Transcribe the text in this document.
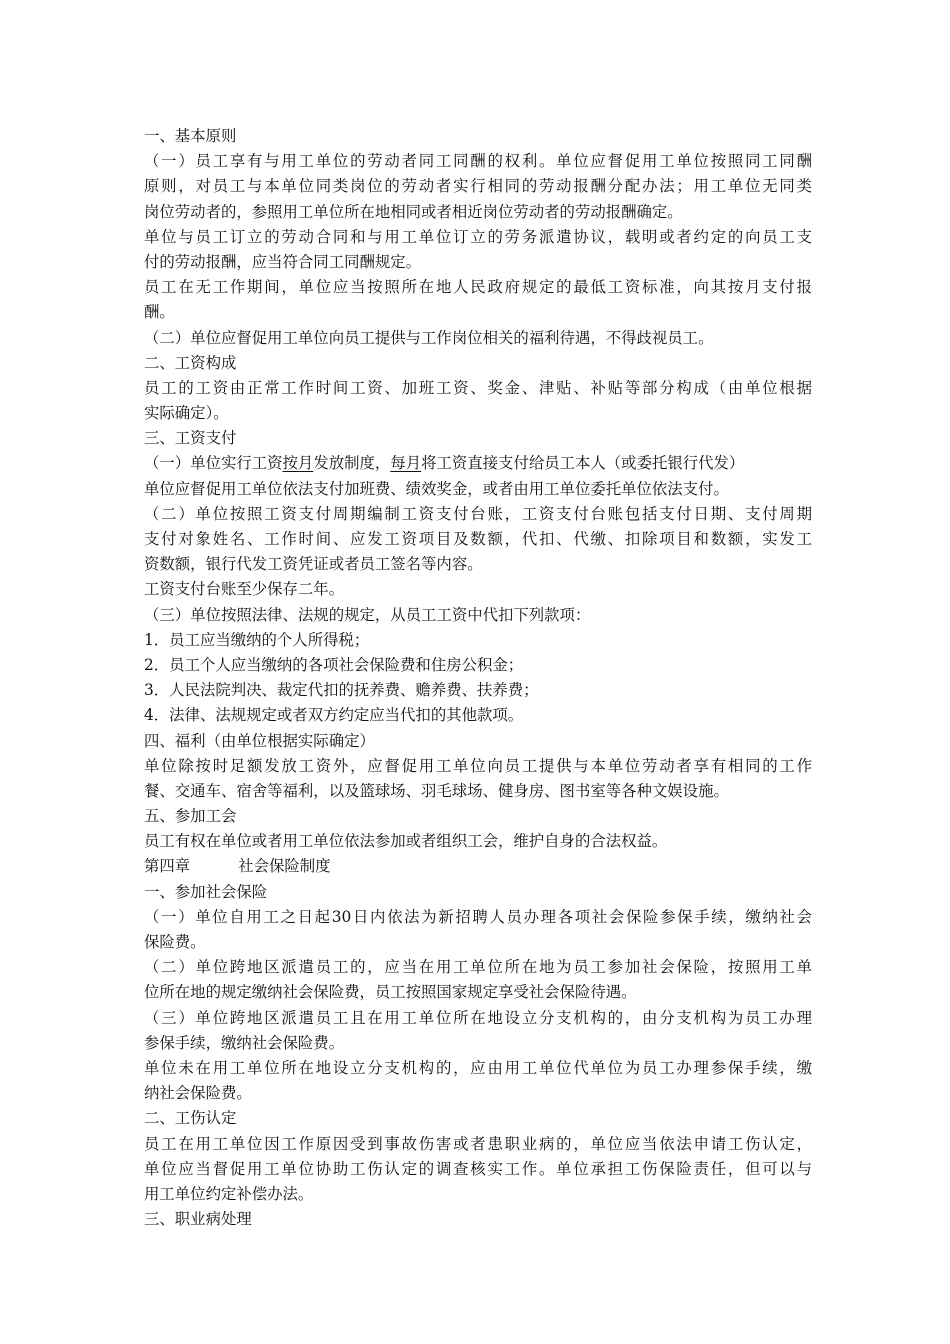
一、基本原则
（一）员工享有与用工单位的劳动者同工同酬的权利。单位应督促用工单位按照同工同酬
原则，对员工与本单位同类岗位的劳动者实行相同的劳动报酬分配办法；用工单位无同类
岗位劳动者的，参照用工单位所在地相同或者相近岗位劳动者的劳动报酬确定。
单位与员工订立的劳动合同和与用工单位订立的劳务派遣协议，载明或者约定的向员工支
付的劳动报酬，应当符合同工同酬规定。
员工在无工作期间，单位应当按照所在地人民政府规定的最低工资标准，向其按月支付报
酬。
（二）单位应督促用工单位向员工提供与工作岗位相关的福利待遇，不得歧视员工。
二、工资构成
员工的工资由正常工作时间工资、加班工资、奖金、津贴、补贴等部分构成（由单位根据
实际确定）。
三、工资支付
（一）单位实行工资按月发放制度，每月将工资直接支付给员工本人（或委托银行代发）
单位应督促用工单位依法支付加班费、绩效奖金，或者由用工单位委托单位依法支付。
（二）单位按照工资支付周期编制工资支付台账，工资支付台账包括支付日期、支付周期
支付对象姓名、工作时间、应发工资项目及数额，代扣、代缴、扣除项目和数额，实发工
资数额，银行代发工资凭证或者员工签名等内容。
工资支付台账至少保存二年。
（三）单位按照法律、法规的规定，从员工工资中代扣下列款项：
1．员工应当缴纳的个人所得税；
2．员工个人应当缴纳的各项社会保险费和住房公积金；
3．人民法院判决、裁定代扣的抚养费、赡养费、扶养费；
4．法律、法规规定或者双方约定应当代扣的其他款项。
四、福利（由单位根据实际确定）
单位除按时足额发放工资外，应督促用工单位向员工提供与本单位劳动者享有相同的工作
餐、交通车、宿舍等福利，以及篮球场、羽毛球场、健身房、图书室等各种文娱设施。
五、参加工会
员工有权在单位或者用工单位依法参加或者组织工会，维护自身的合法权益。
第四章	社会保险制度
一、参加社会保险
（一）单位自用工之日起30日内依法为新招聘人员办理各项社会保险参保手续，缴纳社会
保险费。
（二）单位跨地区派遣员工的，应当在用工单位所在地为员工参加社会保险，按照用工单
位所在地的规定缴纳社会保险费，员工按照国家规定享受社会保险待遇。
（三）单位跨地区派遣员工且在用工单位所在地设立分支机构的，由分支机构为员工办理
参保手续，缴纳社会保险费。
单位未在用工单位所在地设立分支机构的，应由用工单位代单位为员工办理参保手续，缴
纳社会保险费。
二、工伤认定
员工在用工单位因工作原因受到事故伤害或者患职业病的，单位应当依法申请工伤认定，
单位应当督促用工单位协助工伤认定的调查核实工作。单位承担工伤保险责任，但可以与
用工单位约定补偿办法。
三、职业病处理
